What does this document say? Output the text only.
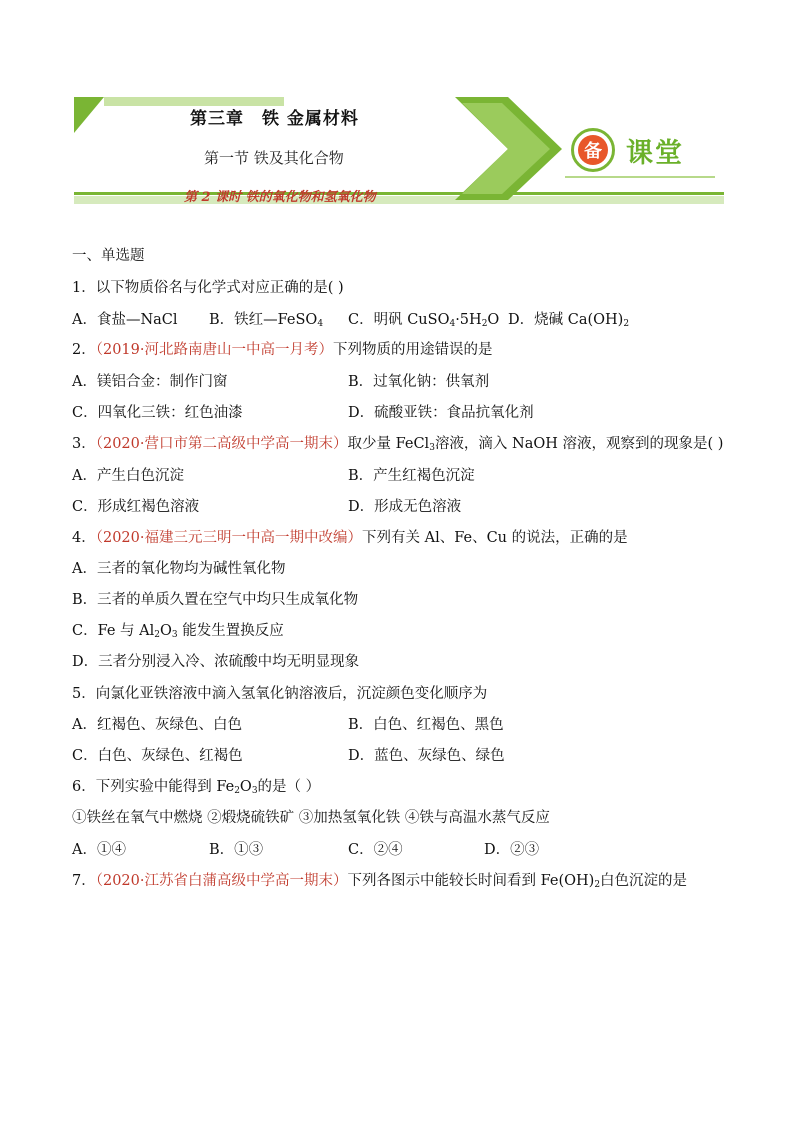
第三章　铁 金属材料
第一节 铁及其化合物
第 2 课时 铁的氧化物和氢氧化物
备 课堂
一、单选题
1．以下物质俗名与化学式对应正确的是( )
A．食盐—NaCl B．铁红—FeSO$_4$ C．明矾 $CuSO_4\cdot 5H_2O$ D．烧碱 $Ca(OH)_2$
2．（2019·河北路南唐山一中高一月考）下列物质的用途错误的是
A．镁铝合金：制作门窗	B．过氧化钠：供氧剂
C．四氧化三铁：红色油漆	D．硫酸亚铁：食品抗氧化剂
3．（2020·营口市第二高级中学高一期末）取少量 FeCl$_3$溶液，滴入 NaOH 溶液，观察到的现象是( )
A．产生白色沉淀	B．产生红褐色沉淀
C．形成红褐色溶液	D．形成无色溶液
4．（2020·福建三元三明一中高一期中改编）下列有关 Al、Fe、Cu 的说法，正确的是
A．三者的氧化物均为碱性氧化物
B．三者的单质久置在空气中均只生成氧化物
C．Fe 与 $Al_2O_3$ 能发生置换反应
D．三者分别浸入冷、浓硫酸中均无明显现象
5．向氯化亚铁溶液中滴入氢氧化钠溶液后，沉淀颜色变化顺序为
A．红褐色、灰绿色、白色	B．白色、红褐色、黑色
C．白色、灰绿色、红褐色	D．蓝色、灰绿色、绿色
6．下列实验中能得到 $Fe_2O_3$的是（ ）
①铁丝在氧气中燃烧 ②煅烧硫铁矿 ③加热氢氧化铁 ④铁与高温水蒸气反应
A．①④	B．①③	C．②④	D．②③
7．（2020·江苏省白蒲高级中学高一期末）下列各图示中能较长时间看到 $Fe(OH)_2$白色沉淀的是
